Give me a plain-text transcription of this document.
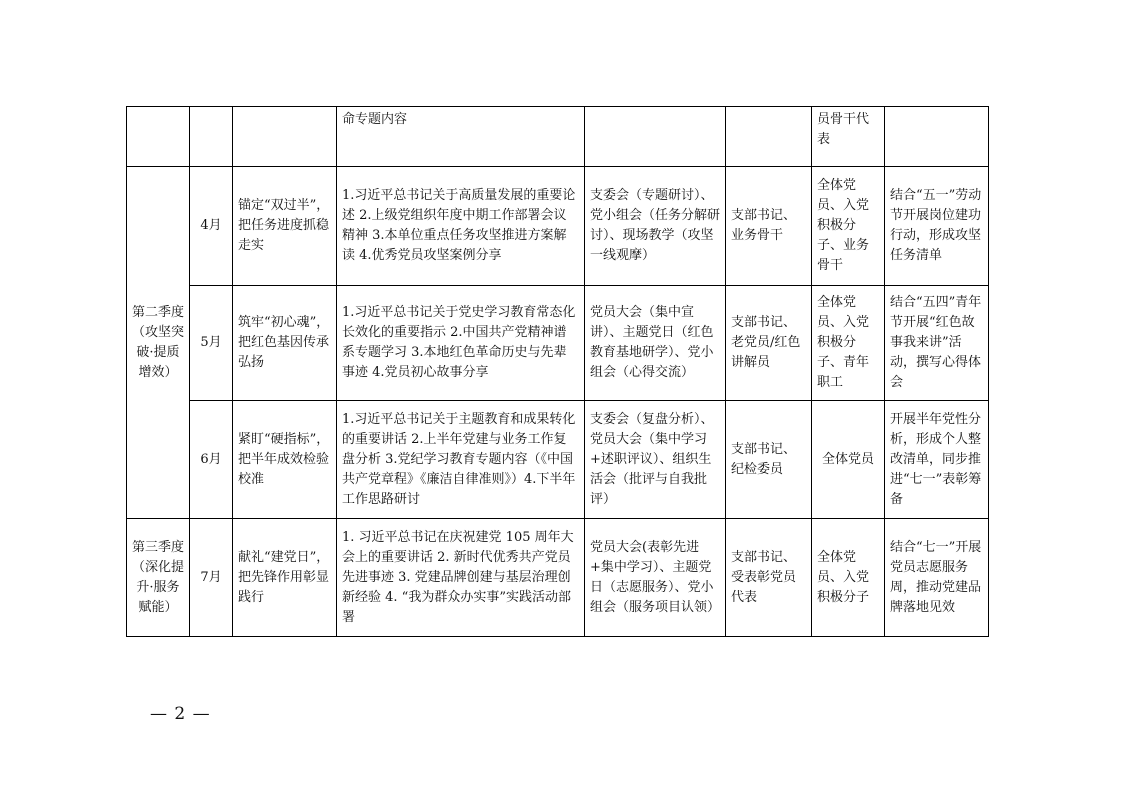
			命专题内容			员骨干代表	
第二季度（攻坚突破·提质增效）	4月	锚定“双过半”，把任务进度抓稳走实	1.习近平总书记关于高质量发展的重要论述 2.上级党组织年度中期工作部署会议精神 3.本单位重点任务攻坚推进方案解读 4.优秀党员攻坚案例分享	支委会（专题研讨）、党小组会（任务分解研讨）、现场教学（攻坚一线观摩）	支部书记、业务骨干	全体党员、入党积极分子、业务骨干	结合“五一”劳动节开展岗位建功行动，形成攻坚任务清单
	5月	筑牢“初心魂”，把红色基因传承弘扬	1.习近平总书记关于党史学习教育常态化长效化的重要指示 2.中国共产党精神谱系专题学习 3.本地红色革命历史与先辈事迹 4.党员初心故事分享	党员大会（集中宣讲）、主题党日（红色教育基地研学）、党小组会（心得交流）	支部书记、老党员/红色讲解员	全体党员、入党积极分子、青年职工	结合“五四”青年节开展“红色故事我来讲”活动，撰写心得体会
	6月	紧盯“硬指标”，把半年成效检验校准	1.习近平总书记关于主题教育和成果转化的重要讲话 2.上半年党建与业务工作复盘分析 3.党纪学习教育专题内容（《中国共产党章程》《廉洁自律准则》）4.下半年工作思路研讨	支委会（复盘分析）、党员大会（集中学习+述职评议）、组织生活会（批评与自我批评）	支部书记、纪检委员	全体党员	开展半年党性分析，形成个人整改清单，同步推进“七一”表彰筹备
第三季度（深化提升·服务赋能）	7月	献礼“建党日”，把先锋作用彰显践行	1. 习近平总书记在庆祝建党 105 周年大会上的重要讲话 2. 新时代优秀共产党员先进事迹 3. 党建品牌创建与基层治理创新经验 4. “我为群众办实事”实践活动部署	党员大会(表彰先进+集中学习）、主题党日（志愿服务）、党小组会（服务项目认领）	支部书记、受表彰党员代表	全体党员、入党积极分子	结合“七一”开展党员志愿服务周，推动党建品牌落地见效
— 2 —
